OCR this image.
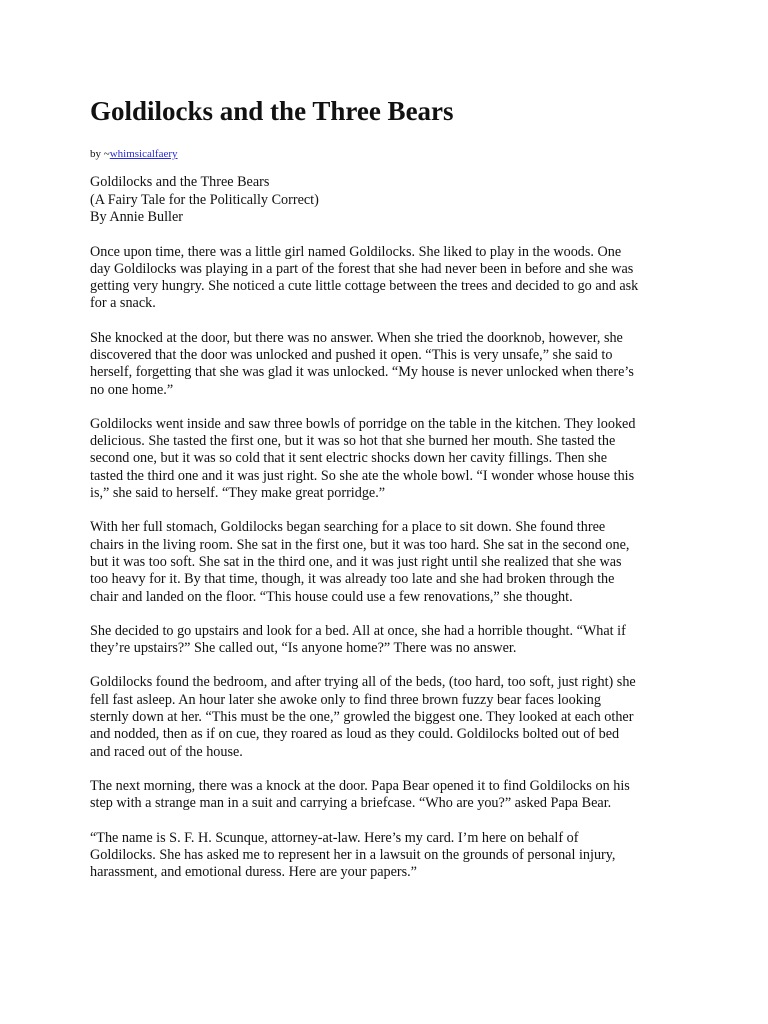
Goldilocks and the Three Bears
by ~whimsicalfaery
Goldilocks and the Three Bears
(A Fairy Tale for the Politically Correct)
By Annie Buller
Once upon time, there was a little girl named Goldilocks. She liked to play in the woods. One
day Goldilocks was playing in a part of the forest that she had never been in before and she was
getting very hungry. She noticed a cute little cottage between the trees and decided to go and ask
for a snack.
She knocked at the door, but there was no answer. When she tried the doorknob, however, she
discovered that the door was unlocked and pushed it open. “This is very unsafe,” she said to
herself, forgetting that she was glad it was unlocked. “My house is never unlocked when there’s
no one home.”
Goldilocks went inside and saw three bowls of porridge on the table in the kitchen. They looked
delicious. She tasted the first one, but it was so hot that she burned her mouth. She tasted the
second one, but it was so cold that it sent electric shocks down her cavity fillings. Then she
tasted the third one and it was just right. So she ate the whole bowl. “I wonder whose house this
is,” she said to herself. “They make great porridge.”
With her full stomach, Goldilocks began searching for a place to sit down. She found three
chairs in the living room. She sat in the first one, but it was too hard. She sat in the second one,
but it was too soft. She sat in the third one, and it was just right until she realized that she was
too heavy for it. By that time, though, it was already too late and she had broken through the
chair and landed on the floor. “This house could use a few renovations,” she thought.
She decided to go upstairs and look for a bed. All at once, she had a horrible thought. “What if
they’re upstairs?” She called out, “Is anyone home?” There was no answer.
Goldilocks found the bedroom, and after trying all of the beds, (too hard, too soft, just right) she
fell fast asleep. An hour later she awoke only to find three brown fuzzy bear faces looking
sternly down at her. “This must be the one,” growled the biggest one. They looked at each other
and nodded, then as if on cue, they roared as loud as they could. Goldilocks bolted out of bed
and raced out of the house.
The next morning, there was a knock at the door. Papa Bear opened it to find Goldilocks on his
step with a strange man in a suit and carrying a briefcase. “Who are you?” asked Papa Bear.
“The name is S. F. H. Scunque, attorney-at-law. Here’s my card. I’m here on behalf of
Goldilocks. She has asked me to represent her in a lawsuit on the grounds of personal injury,
harassment, and emotional duress. Here are your papers.”
